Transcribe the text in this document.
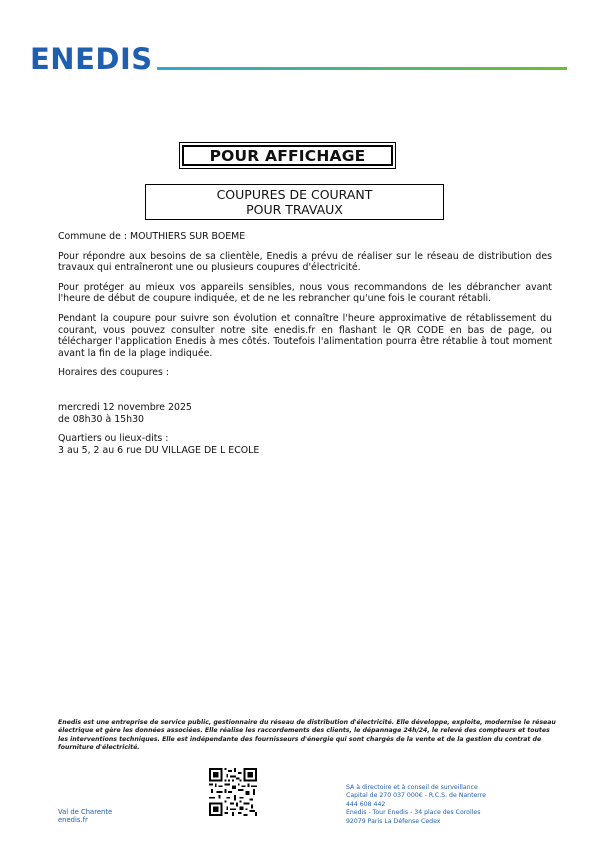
ENEDIS
POUR AFFICHAGE
COUPURES DE COURANT
POUR TRAVAUX

Commune de : MOUTHIERS SUR BOEME

Pour répondre aux besoins de sa clientèle, Enedis a prévu de réaliser sur le réseau de distribution des travaux qui entraîneront une ou plusieurs coupures d'électricité.

Pour protéger au mieux vos appareils sensibles, nous vous recommandons de les débrancher avant l'heure de début de coupure indiquée, et de ne les rebrancher qu'une fois le courant rétabli.

Pendant la coupure pour suivre son évolution et connaître l'heure approximative de rétablissement du courant, vous pouvez consulter notre site enedis.fr en flashant le QR CODE en bas de page, ou télécharger l'application Enedis à mes côtés. Toutefois l'alimentation pourra être rétablie à tout moment avant la fin de la plage indiquée.

Horaires des coupures :

mercredi 12 novembre 2025

de 08h30 à 15h30

Quartiers ou lieux-dits :

3 au 5, 2 au 6 rue DU VILLAGE DE L ECOLE

Enedis est une entreprise de service public, gestionnaire du réseau de distribution d'électricité. Elle développe, exploite, modernise le réseau électrique et gère les données associées. Elle réalise les raccordements des clients, le dépannage 24h/24, le relevé des compteurs et toutes les interventions techniques. Elle est indépendante des fournisseurs d'énergie qui sont chargés de la vente et de la gestion du contrat de fourniture d'électricité.
Val de Charente
enedis.fr
SA à directoire et à conseil de surveillance
Capital de 270 037 000€ - R.C.S. de Nanterre
444 608 442
Enedis - Tour Enedis - 34 place des Corolles
92079 Paris La Défense Cedex
